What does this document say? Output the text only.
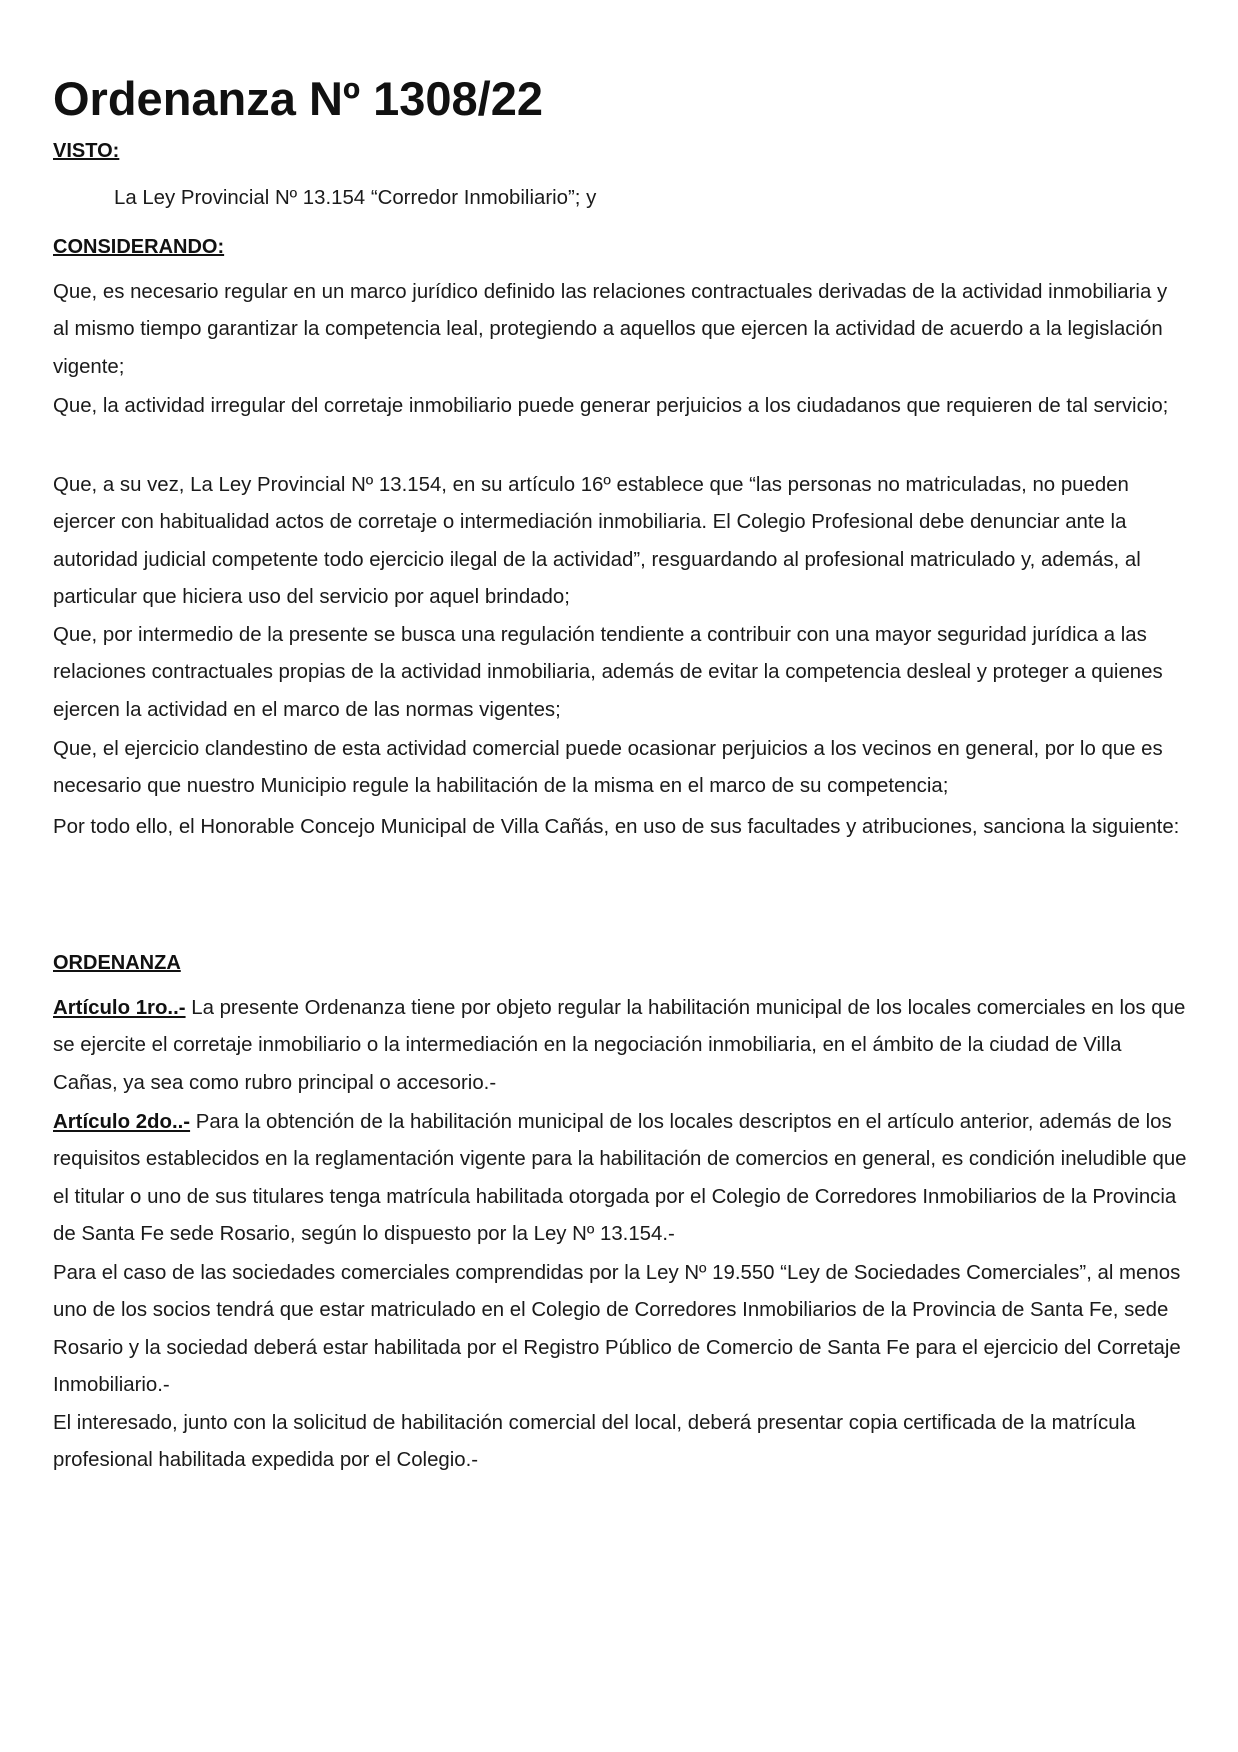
Ordenanza Nº 1308/22
VISTO:

La Ley Provincial Nº 13.154 “Corredor Inmobiliario”; y

CONSIDERANDO:

Que, es necesario regular en un marco jurídico definido las relaciones contractuales derivadas de la actividad inmobiliaria y al mismo tiempo garantizar la competencia leal, protegiendo a aquellos que ejercen la actividad de acuerdo a la legislación vigente;

Que, la actividad irregular del corretaje inmobiliario puede generar perjuicios a los ciudadanos que requieren de tal servicio;

Que, a su vez, La Ley Provincial Nº 13.154, en su artículo 16º establece que “las personas no matriculadas, no pueden ejercer con habitualidad actos de corretaje o intermediación inmobiliaria. El Colegio Profesional debe denunciar ante la autoridad judicial competente todo ejercicio ilegal de la actividad”, resguardando al profesional matriculado y, además, al particular que hiciera uso del servicio por aquel brindado;

Que, por intermedio de la presente se busca una regulación tendiente a contribuir con una mayor seguridad jurídica a las relaciones contractuales propias de la actividad inmobiliaria, además de evitar la competencia desleal y proteger a quienes ejercen la actividad en el marco de las normas vigentes;

Que, el ejercicio clandestino de esta actividad comercial puede ocasionar perjuicios a los vecinos en general, por lo que es necesario que nuestro Municipio regule la habilitación de la misma en el marco de su competencia;

Por todo ello, el Honorable Concejo Municipal de Villa Cañás, en uso de sus facultades y atribuciones, sanciona la siguiente:

ORDENANZA

Artículo 1ro..- La presente Ordenanza tiene por objeto regular la habilitación municipal de los locales comerciales en los que se ejercite el corretaje inmobiliario o la intermediación en la negociación inmobiliaria, en el ámbito de la ciudad de Villa Cañas, ya sea como rubro principal o accesorio.-

Artículo 2do..- Para la obtención de la habilitación municipal de los locales descriptos en el artículo anterior, además de los requisitos establecidos en la reglamentación vigente para la habilitación de comercios en general, es condición ineludible que el titular o uno de sus titulares tenga matrícula habilitada otorgada por el Colegio de Corredores Inmobiliarios de la Provincia de Santa Fe sede Rosario, según lo dispuesto por la Ley Nº 13.154.-

Para el caso de las sociedades comerciales comprendidas por la Ley Nº 19.550 “Ley de Sociedades Comerciales”, al menos uno de los socios tendrá que estar matriculado en el Colegio de Corredores Inmobiliarios de la Provincia de Santa Fe, sede Rosario y la sociedad deberá estar habilitada por el Registro Público de Comercio de Santa Fe para el ejercicio del Corretaje Inmobiliario.-

El interesado, junto con la solicitud de habilitación comercial del local, deberá presentar copia certificada de la matrícula profesional habilitada expedida por el Colegio.-
